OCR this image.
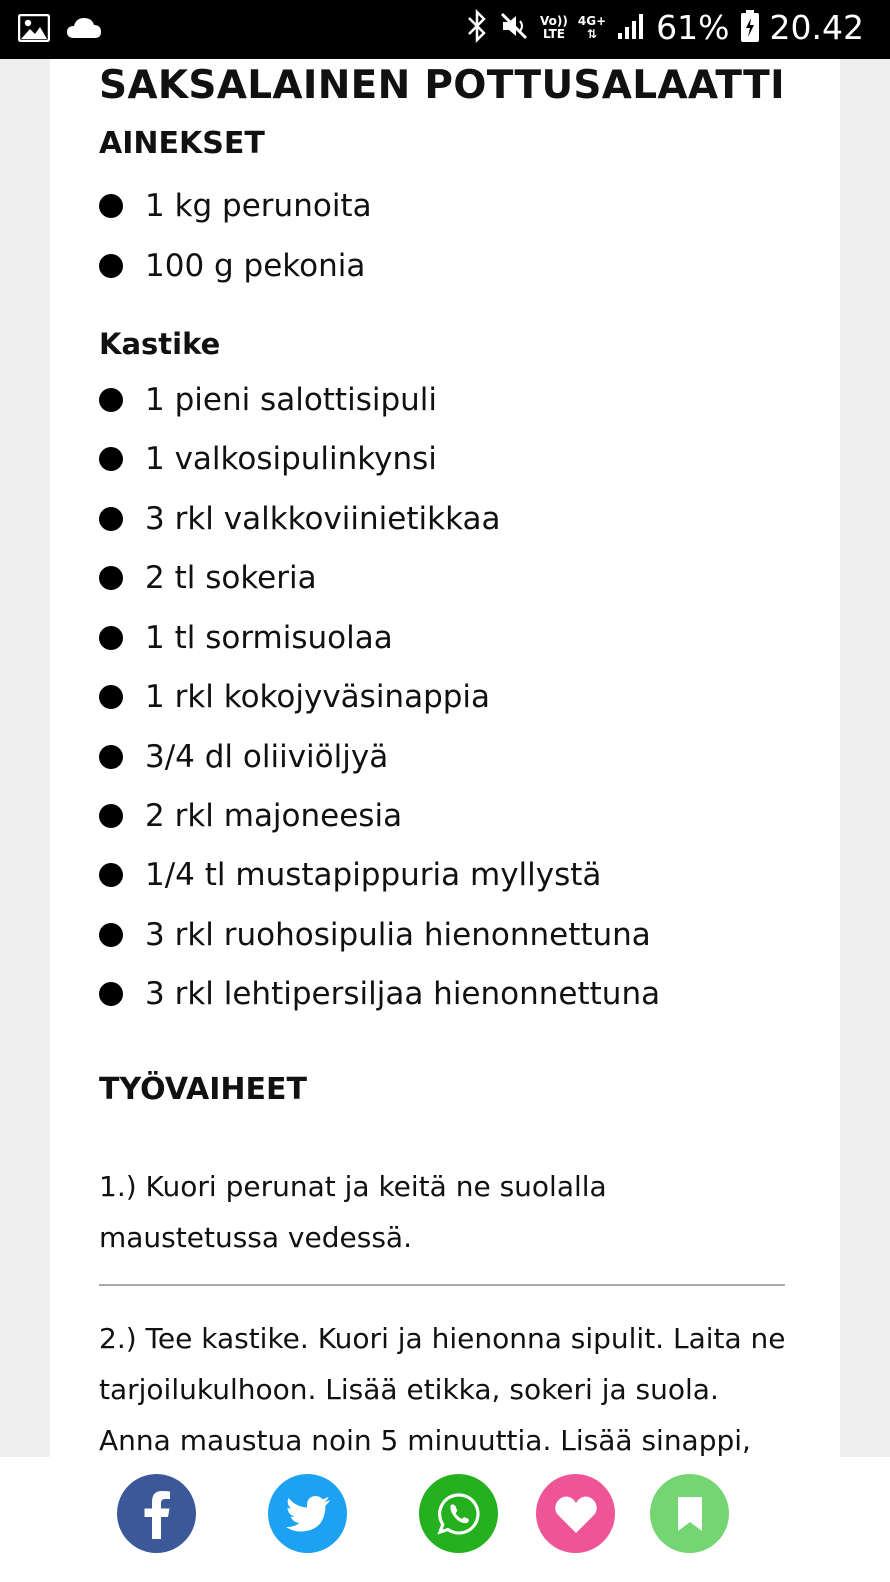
Vo))
LTE
4G+
⇅ 61% 20.42
SAKSALAINEN POTTUSALAATTI
AINEKSET
1 kg perunoita
100 g pekonia
Kastike
1 pieni salottisipuli
1 valkosipulinkynsi
3 rkl valkkoviinietikkaa
2 tl sokeria
1 tl sormisuolaa
1 rkl kokojyväsinappia
3/4 dl oliiviöljyä
2 rkl majoneesia
1/4 tl mustapippuria myllystä
3 rkl ruohosipulia hienonnettuna
3 rkl lehtipersiljaa hienonnettuna
TYÖVAIHEET
1.) Kuori perunat ja keitä ne suolalla maustetussa vedessä.
2.) Tee kastike. Kuori ja hienonna sipulit. Laita ne tarjoilukulhoon. Lisää etikka, sokeri ja suola. Anna maustua noin 5 minuuttia. Lisää sinappi,
